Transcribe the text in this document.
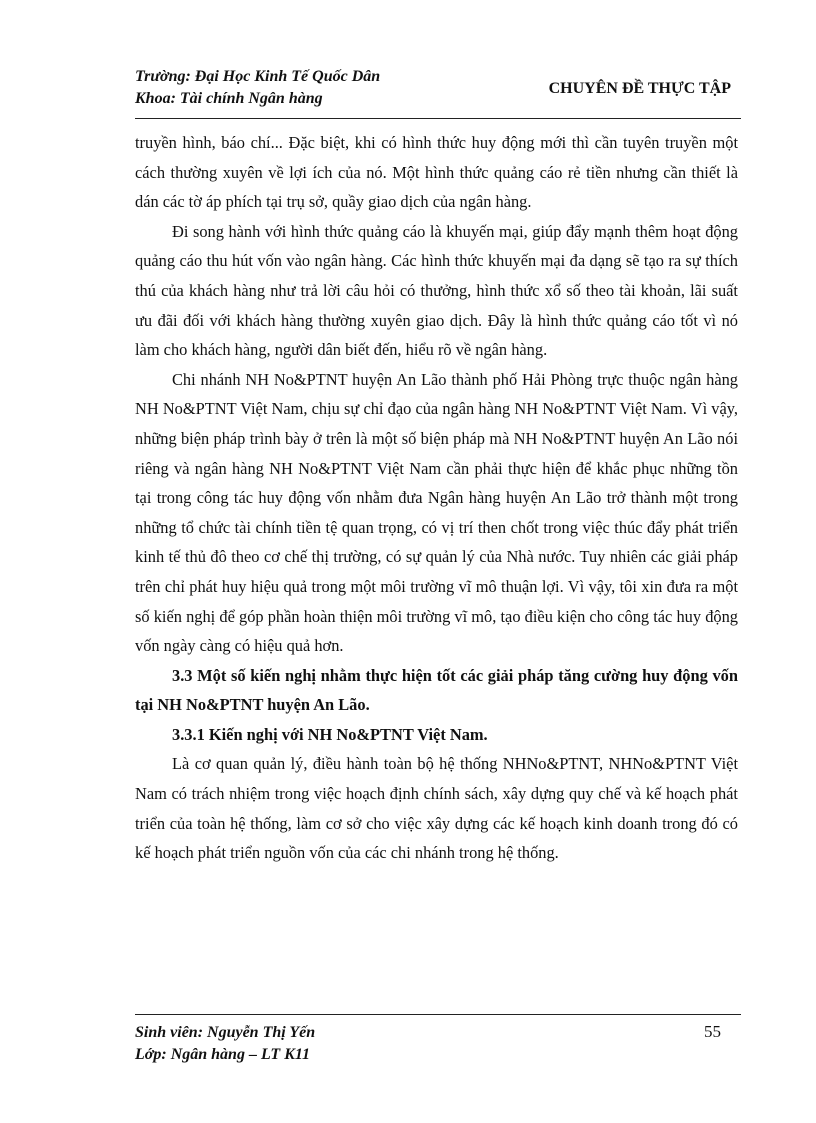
Trường: Đại Học Kinh Tế Quốc Dân
Khoa: Tài chính Ngân hàng
CHUYÊN ĐỀ THỰC TẬP

truyền hình, báo chí... Đặc biệt, khi có hình thức huy động mới thì cần tuyên truyền một cách thường xuyên về lợi ích của nó. Một hình thức quảng cáo rẻ tiền nhưng cần thiết là dán các tờ áp phích tại trụ sở, quầy giao dịch của ngân hàng.

Đi song hành với hình thức quảng cáo là khuyến mại, giúp đẩy mạnh thêm hoạt động quảng cáo thu hút vốn vào ngân hàng. Các hình thức khuyến mại đa dạng sẽ tạo ra sự thích thú của khách hàng như trả lời câu hỏi có thưởng, hình thức xổ số theo tài khoản, lãi suất ưu đãi đối với khách hàng thường xuyên giao dịch. Đây là hình thức quảng cáo tốt vì nó làm cho khách hàng, người dân biết đến, hiểu rõ về ngân hàng.

Chi nhánh NH No&PTNT huyện An Lão thành phố Hải Phòng trực thuộc ngân hàng NH No&PTNT Việt Nam, chịu sự chỉ đạo của ngân hàng NH No&PTNT Việt Nam. Vì vậy, những biện pháp trình bày ở trên là một số biện pháp mà NH No&PTNT huyện An Lão nói riêng và ngân hàng NH No&PTNT Việt Nam cần phải thực hiện để khắc phục những tồn tại trong công tác huy động vốn nhằm đưa Ngân hàng huyện An Lão trở thành một trong những tổ chức tài chính tiền tệ quan trọng, có vị trí then chốt trong việc thúc đẩy phát triển kinh tế thủ đô theo cơ chế thị trường, có sự quản lý của Nhà nước. Tuy nhiên các giải pháp trên chỉ phát huy hiệu quả trong một môi trường vĩ mô thuận lợi. Vì vậy, tôi xin đưa ra một số kiến nghị để góp phần hoàn thiện môi trường vĩ mô, tạo điều kiện cho công tác huy động vốn ngày càng có hiệu quả hơn.

3.3 Một số kiến nghị nhằm thực hiện tốt các giải pháp tăng cường huy động vốn tại NH No&PTNT huyện An Lão.

3.3.1 Kiến nghị với NH No&PTNT Việt Nam.

Là cơ quan quản lý, điều hành toàn bộ hệ thống NHNo&PTNT, NHNo&PTNT Việt Nam có trách nhiệm trong việc hoạch định chính sách, xây dựng quy chế và kế hoạch phát triển của toàn hệ thống, làm cơ sở cho việc xây dựng các kế hoạch kinh doanh trong đó có kế hoạch phát triển nguồn vốn của các chi nhánh trong hệ thống.

Sinh viên: Nguyễn Thị Yến
Lớp: Ngân hàng – LT K11
55
